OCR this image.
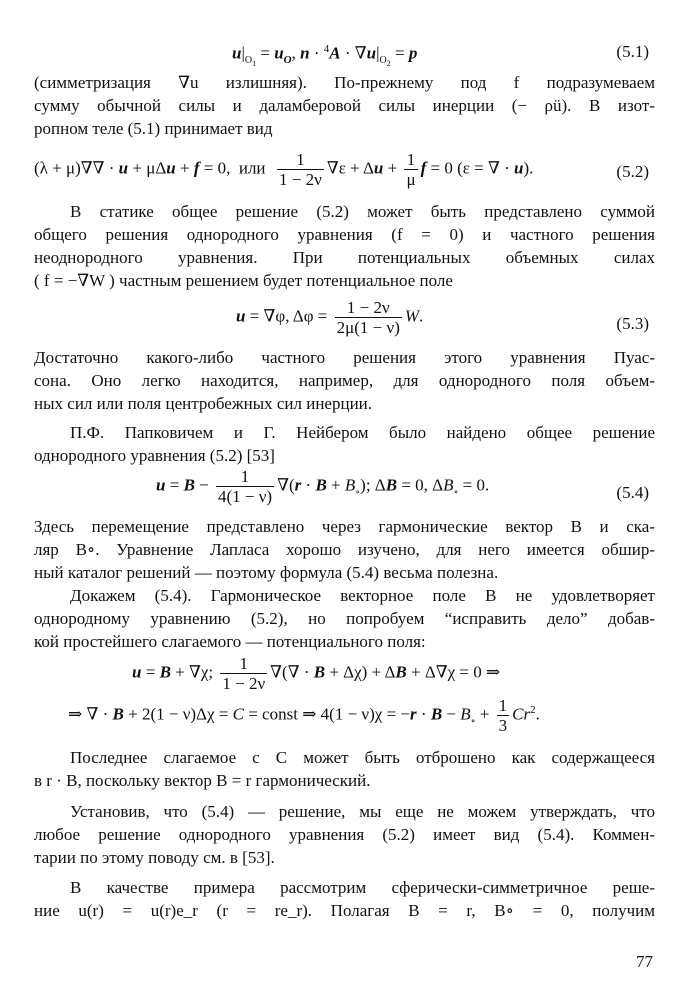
$u|_{O_1} = u_O$, $n \cdot ^4A \cdot \nabla u|_{O_2} = p$	(5.1)
(симметризация ∇u излишняя). По-прежнему под f подразумеваем
сумму обычной силы и даламберовой силы инерции (− ρü). В изот-
ропном теле (5.1) принимает вид
(λ + μ)∇∇ · u + μΔu + f = 0,  или $\frac{1}{1 - 2\nu} \nabla\varepsilon + \Delta u + \frac{1}{\mu}$ f = 0 (ε = ∇ · u).	(5.2)
В статике общее решение (5.2) может быть представлено суммой
общего решения однородного уравнения (f = 0) и частного решения
неоднородного уравнения. При потенциальных объемных силах
( f = −∇W ) частным решением будет потенциальное поле
u = ∇φ, $\Delta\varphi = \frac{1 - 2\nu}{2\mu(1 - \nu)} W$.	(5.3)
Достаточно какого-либо частного решения этого уравнения Пуас-
сона. Оно легко находится, например, для однородного поля объем-
ных сил или поля центробежных сил инерции.
П.Ф. Папковичем и Г. Нейбером было найдено общее решение
однородного уравнения (5.2) [53]
$u = B - \frac{1}{4(1 - \nu)} \nabla(r \cdot B + B_\circ)$; ΔB = 0, $\Delta B_\circ = 0$.	(5.4)
Здесь перемещение представлено через гармонические вектор B и ска-
ляр B∘. Уравнение Лапласа хорошо изучено, для него имеется обшир-
ный каталог решений — поэтому формула (5.4) весьма полезна.
Докажем (5.4). Гармоническое векторное поле B не удовлетворяет
однородному уравнению (5.2), но попробуем “исправить дело” добав-
кой простейшего слагаемого — потенциального поля:
u = B + ∇χ; $\frac{1}{1 - 2\nu}$ ∇(∇ · B + Δχ) + ΔB + Δ∇χ = 0 ⇒
⇒ ∇ · B + 2(1 − ν)Δχ = C = const ⇒ $4(1 - \nu)\chi = -r \cdot B - B_\circ + \frac{1}{3} Cr^2$.
Последнее слагаемое с C может быть отброшено как содержащееся
в r · B, поскольку вектор B = r гармонический.
Установив, что (5.4) — решение, мы еще не можем утверждать, что
любое решение однородного уравнения (5.2) имеет вид (5.4). Коммен-
тарии по этому поводу см. в [53].
В качестве примера рассмотрим сферически-симметричное реше-
ние u(r) = u(r)e_r (r = re_r). Полагая B = r, B∘ = 0, получим
77
